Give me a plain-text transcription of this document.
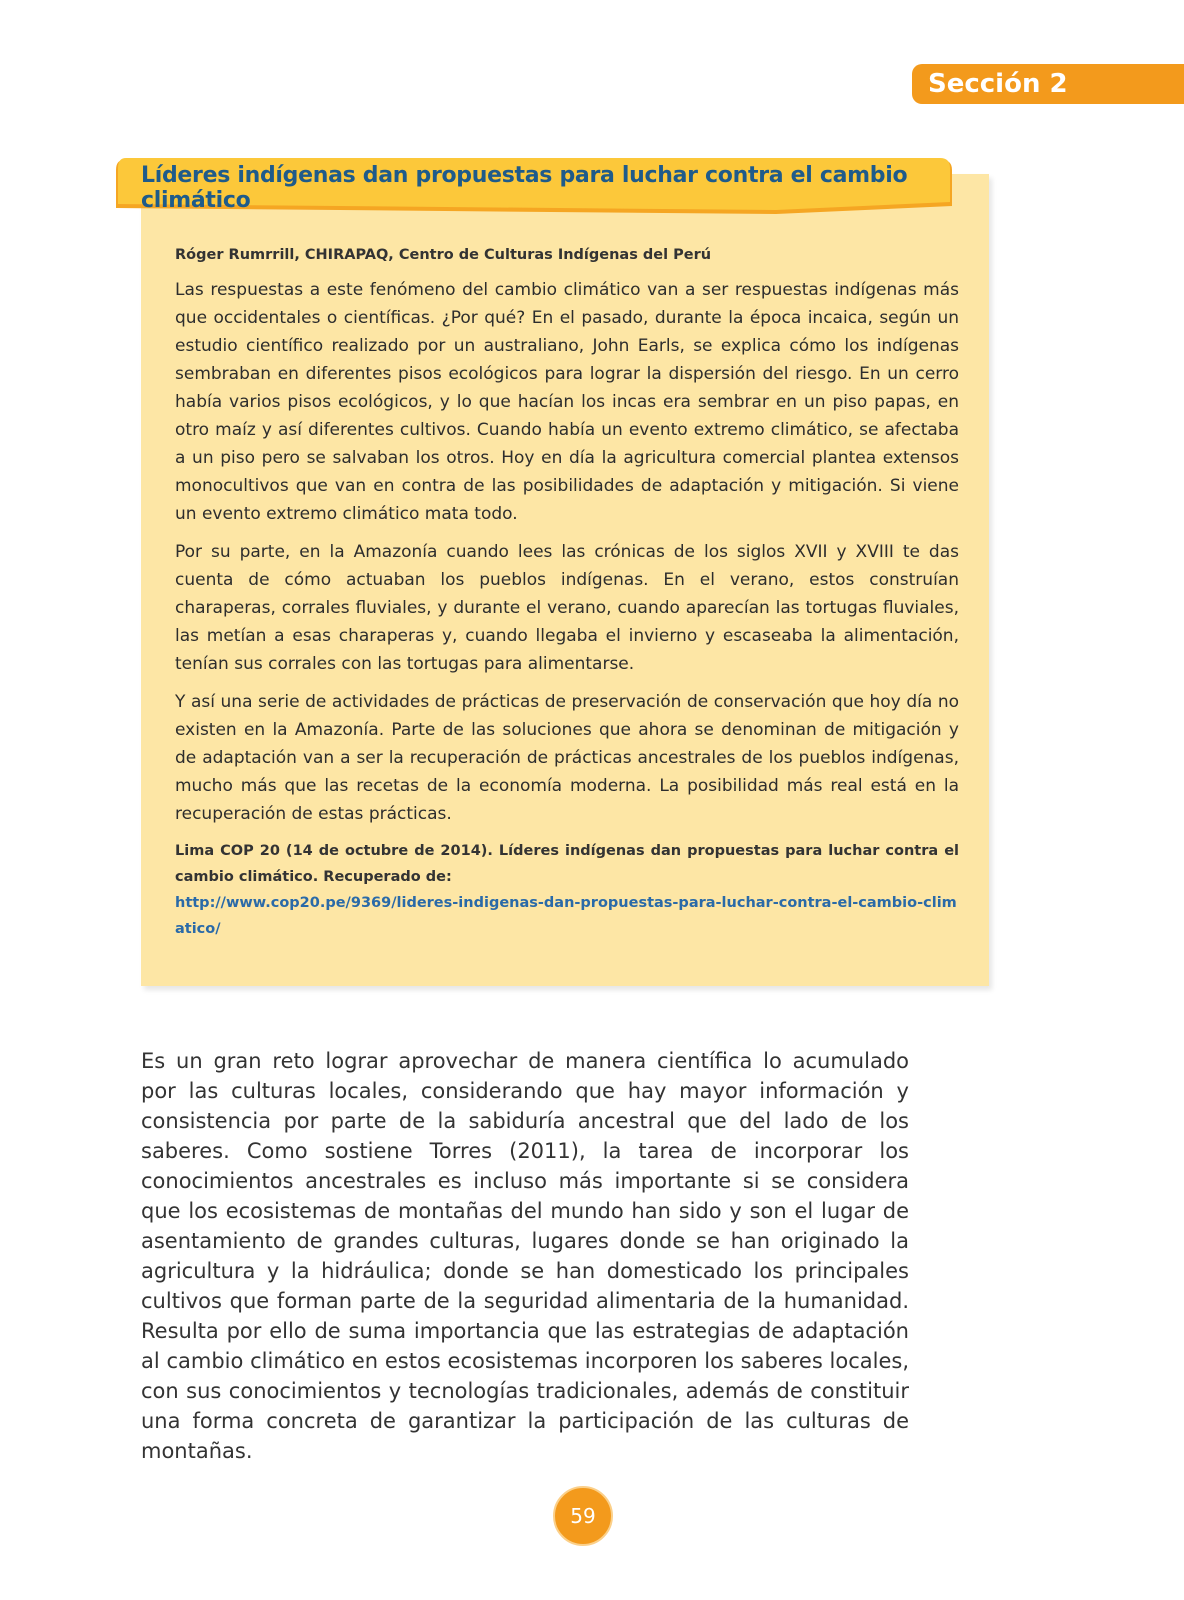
Sección 2
Líderes indígenas dan propuestas para luchar contra el cambio climático

Róger Rumrrill, CHIRAPAQ, Centro de Culturas Indígenas del Perú

Las respuestas a este fenómeno del cambio climático van a ser respuestas indígenas más que occidentales o científicas. ¿Por qué? En el pasado, durante la época incaica, según un estudio científico realizado por un australiano, John Earls, se explica cómo los indígenas sembraban en diferentes pisos ecológicos para lograr la dispersión del riesgo. En un cerro había varios pisos ecológicos, y lo que hacían los incas era sembrar en un piso papas, en otro maíz y así diferentes cultivos. Cuando había un evento extremo climático, se afectaba a un piso pero se salvaban los otros. Hoy en día la agricultura comercial plantea extensos monocultivos que van en contra de las posibilidades de adaptación y mitigación. Si viene un evento extremo climático mata todo.

Por su parte, en la Amazonía cuando lees las crónicas de los siglos XVII y XVIII te das cuenta de cómo actuaban los pueblos indígenas. En el verano, estos construían charaperas, corrales fluviales, y durante el verano, cuando aparecían las tortugas fluviales, las metían a esas charaperas y, cuando llegaba el invierno y escaseaba la alimentación, tenían sus corrales con las tortugas para alimentarse.

Y así una serie de actividades de prácticas de preservación de conservación que hoy día no existen en la Amazonía. Parte de las soluciones que ahora se denominan de mitigación y de adaptación van a ser la recuperación de prácticas ancestrales de los pueblos indígenas, mucho más que las recetas de la economía moderna. La posibilidad más real está en la recuperación de estas prácticas.

Lima COP 20 (14 de octubre de 2014). Líderes indígenas dan propuestas para luchar contra el cambio climático. Recuperado de:
http://www.cop20.pe/9369/lideres-indigenas-dan-propuestas-para-luchar-contra-el-cambio-climatico/

Es un gran reto lograr aprovechar de manera científica lo acumulado por las culturas locales, considerando que hay mayor información y consistencia por parte de la sabiduría ancestral que del lado de los saberes. Como sostiene Torres (2011), la tarea de incorporar los conocimientos ancestrales es incluso más importante si se considera que los ecosistemas de montañas del mundo han sido y son el lugar de asentamiento de grandes culturas, lugares donde se han originado la agricultura y la hidráulica; donde se han domesticado los principales cultivos que forman parte de la seguridad alimentaria de la humanidad. Resulta por ello de suma importancia que las estrategias de adaptación al cambio climático en estos ecosistemas incorporen los saberes locales, con sus conocimientos y tecnologías tradicionales, además de constituir una forma concreta de garantizar la participación de las culturas de montañas.

59
